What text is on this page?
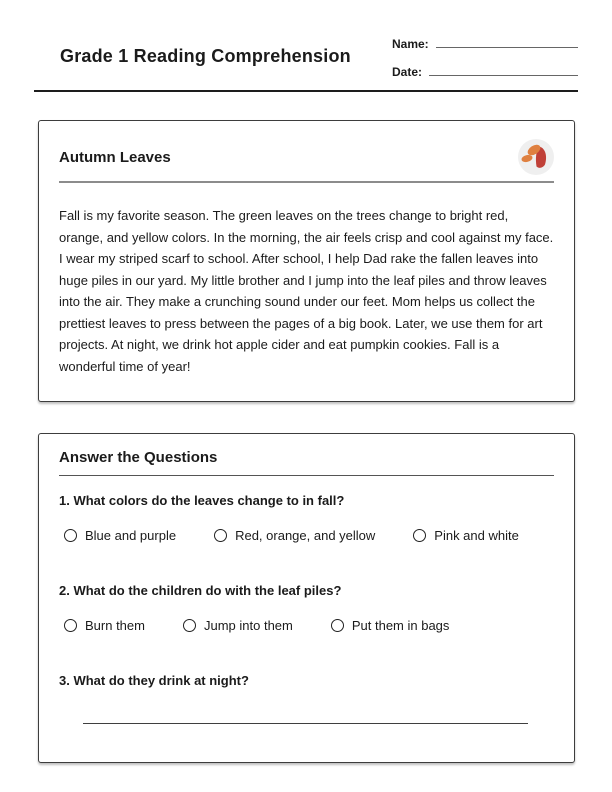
Grade 1 Reading Comprehension
Name:
Date:
Autumn Leaves

Fall is my favorite season. The green leaves on the trees change to bright red, orange, and yellow colors. In the morning, the air feels crisp and cool against my face. I wear my striped scarf to school. After school, I help Dad rake the fallen leaves into huge piles in our yard. My little brother and I jump into the leaf piles and throw leaves into the air. They make a crunching sound under our feet. Mom helps us collect the prettiest leaves to press between the pages of a big book. Later, we use them for art projects. At night, we drink hot apple cider and eat pumpkin cookies. Fall is a wonderful time of year!

Answer the Questions
1. What colors do the leaves change to in fall?
Blue and purple	Red, orange, and yellow	Pink and white
2. What do the children do with the leaf piles?
Burn them	Jump into them	Put them in bags
3. What do they drink at night?
